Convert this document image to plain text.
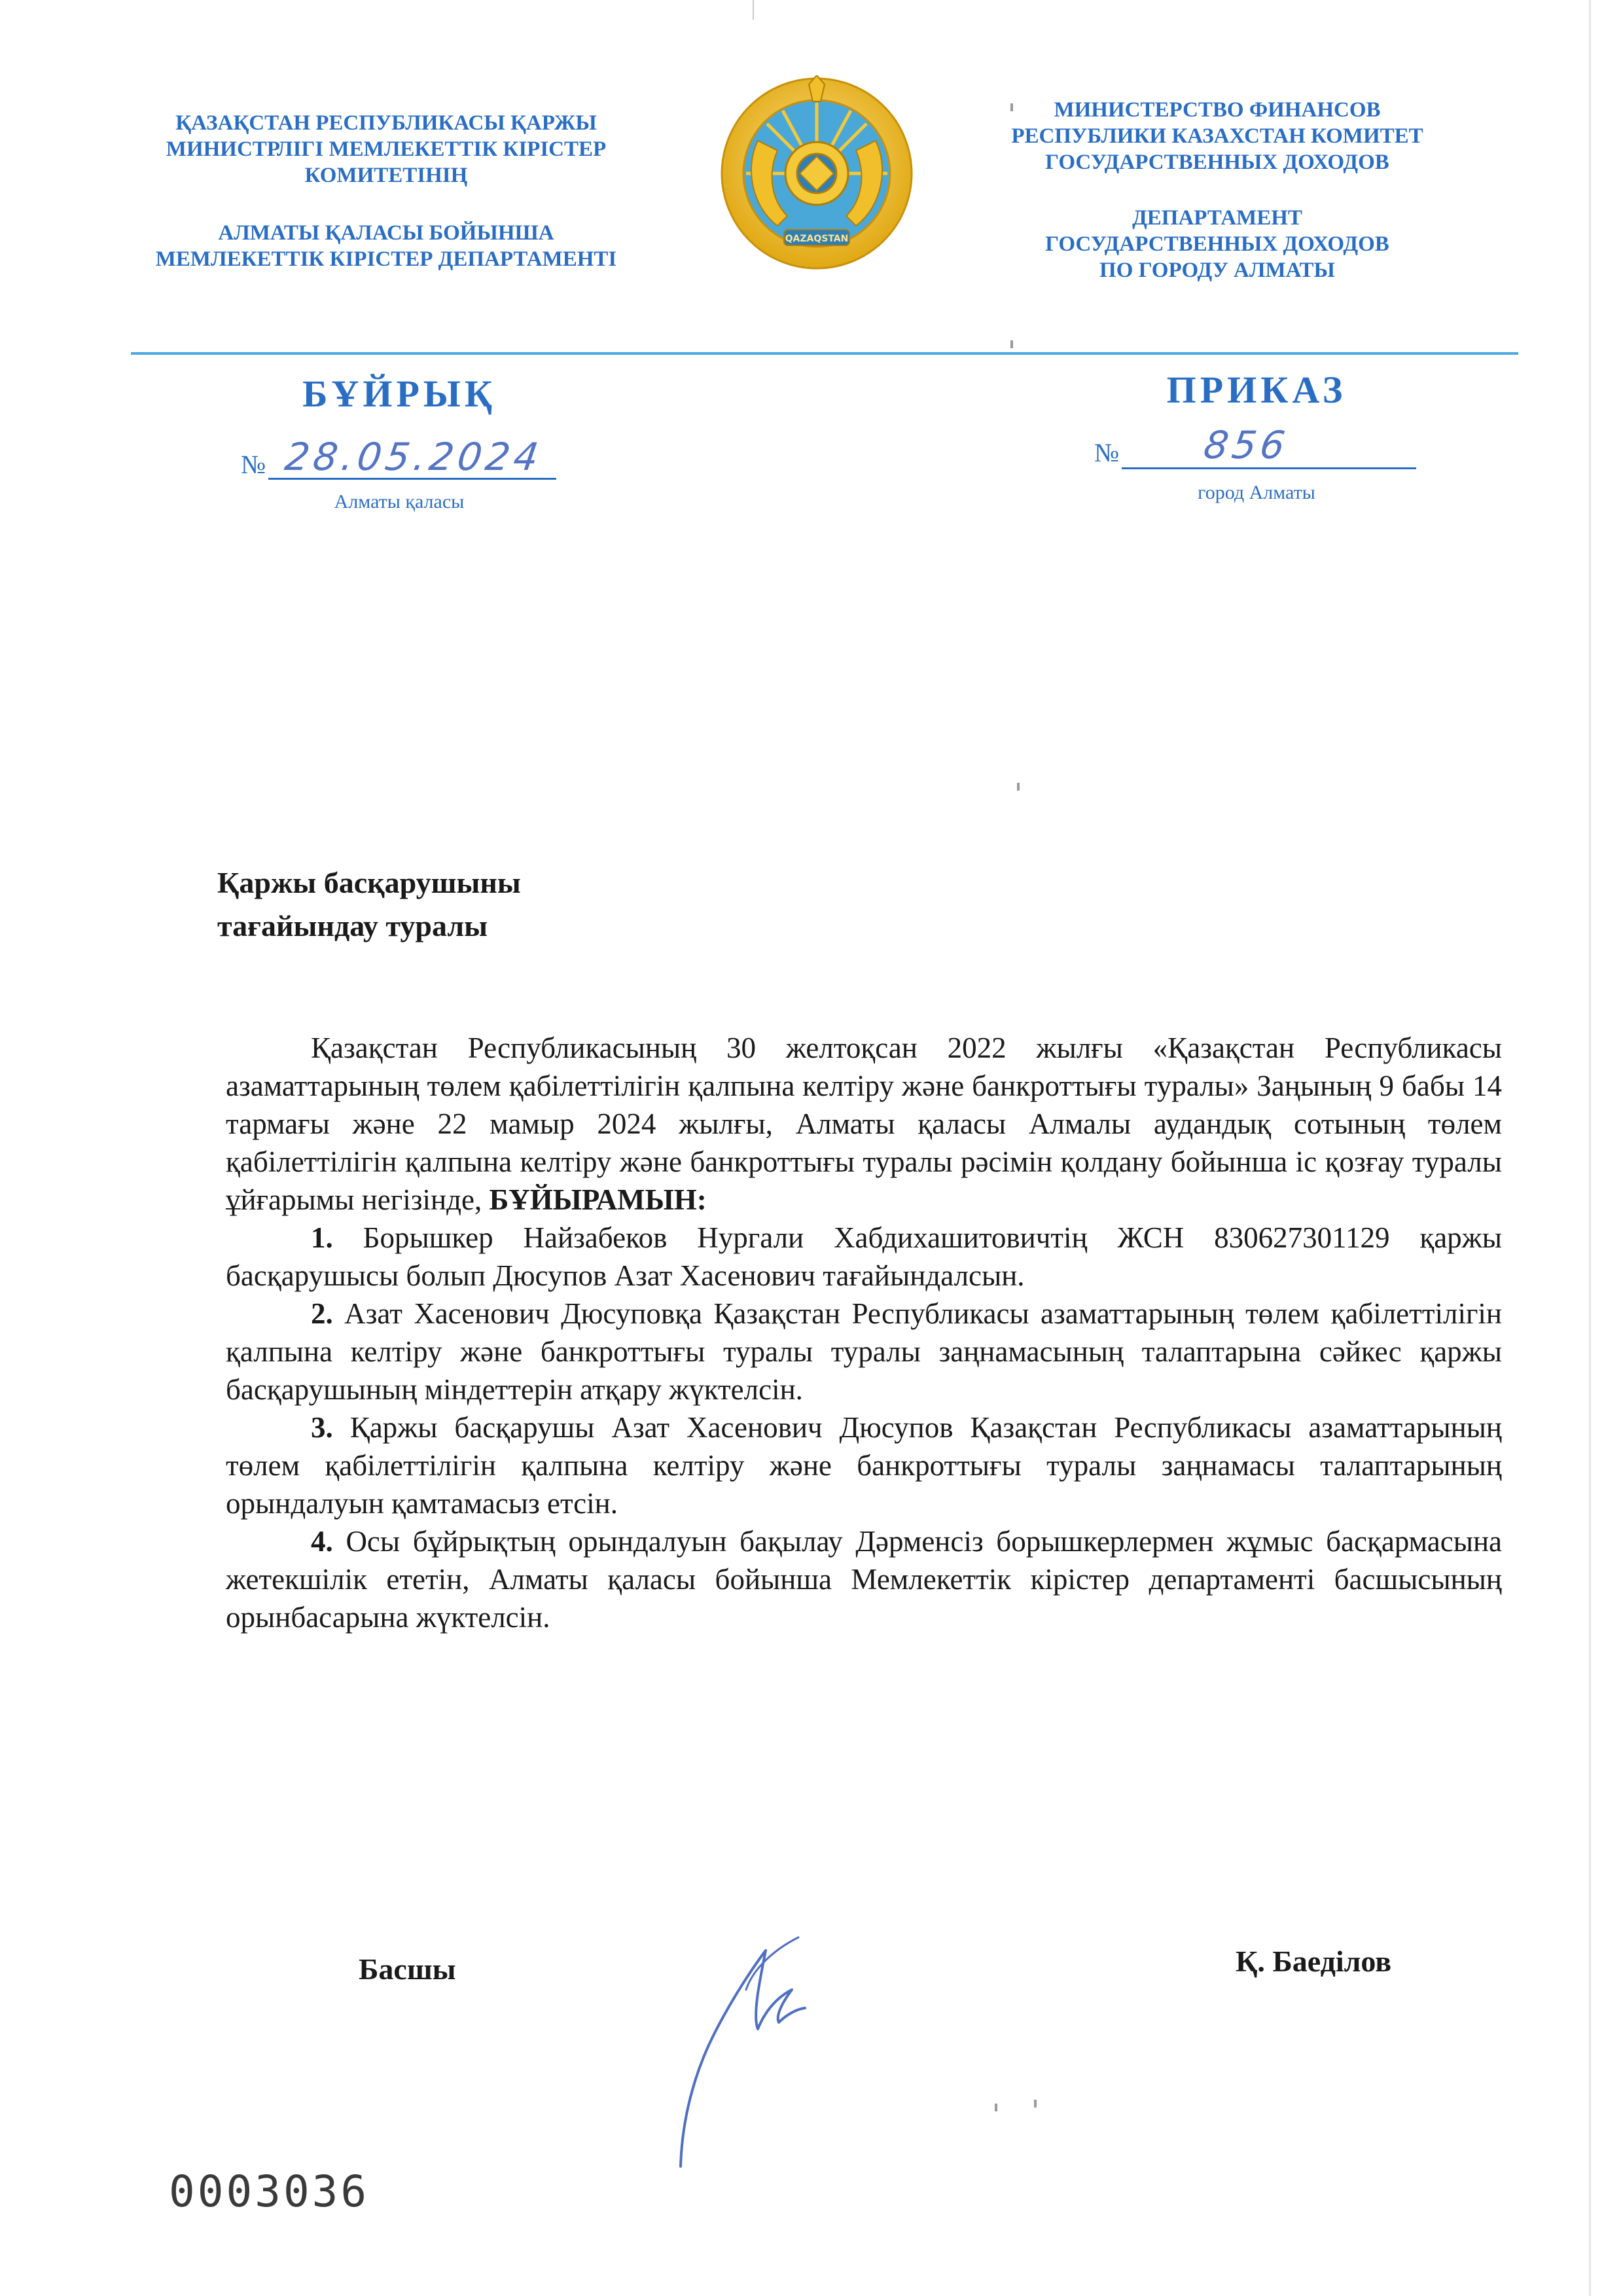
ҚАЗАҚСТАН РЕСПУБЛИКАСЫ ҚАРЖЫ
МИНИСТРЛІГІ МЕМЛЕКЕТТІК КІРІСТЕР
КОМИТЕТІНІҢ
АЛМАТЫ ҚАЛАСЫ БОЙЫНША
МЕМЛЕКЕТТІК КІРІСТЕР ДЕПАРТАМЕНТІ
QAZAQSTAN
МИНИСТЕРСТВО ФИНАНСОВ
РЕСПУБЛИКИ КАЗАХСТАН КОМИТЕТ
ГОСУДАРСТВЕННЫХ ДОХОДОВ
ДЕПАРТАМЕНТ
ГОСУДАРСТВЕННЫХ ДОХОДОВ
ПО ГОРОДУ АЛМАТЫ
БҰЙРЫҚ	ПРИКАЗ
№ 28.05.2024
Алматы қаласы
№ 856
город Алматы
Қаржы басқарушыны
тағайындау туралы

Қазақстан Республикасының 30 желтоқсан 2022 жылғы «Қазақстан Республикасы азаматтарының төлем қабілеттілігін қалпына келтіру және банкроттығы туралы» Заңының 9 бабы 14 тармағы және 22 мамыр 2024 жылғы, Алматы қаласы Алмалы аудандық сотының төлем қабілеттілігін қалпына келтіру және банкроттығы туралы рәсімін қолдану бойынша іс қозғау туралы ұйғарымы негізінде, БҰЙЫРАМЫН:

1. Борышкер Найзабеков Нургали Хабдихашитовичтің ЖСН 830627301129 қаржы басқарушысы болып Дюсупов Азат Хасенович тағайындалсын.

2. Азат Хасенович Дюсуповқа Қазақстан Республикасы азаматтарының төлем қабілеттілігін қалпына келтіру және банкроттығы туралы туралы заңнамасының талаптарына сәйкес қаржы басқарушының міндеттерін атқару жүктелсін.

3. Қаржы басқарушы Азат Хасенович Дюсупов Қазақстан Республикасы азаматтарының төлем қабілеттілігін қалпына келтіру және банкроттығы туралы заңнамасы талаптарының орындалуын қамтамасыз етсін.

4. Осы бұйрықтың орындалуын бақылау Дәрменсіз борышкерлермен жұмыс басқармасына жетекшілік ететін, Алматы қаласы бойынша Мемлекеттік кірістер департаменті басшысының орынбасарына жүктелсін.

Басшы	Қ. Баеділов
0003036
